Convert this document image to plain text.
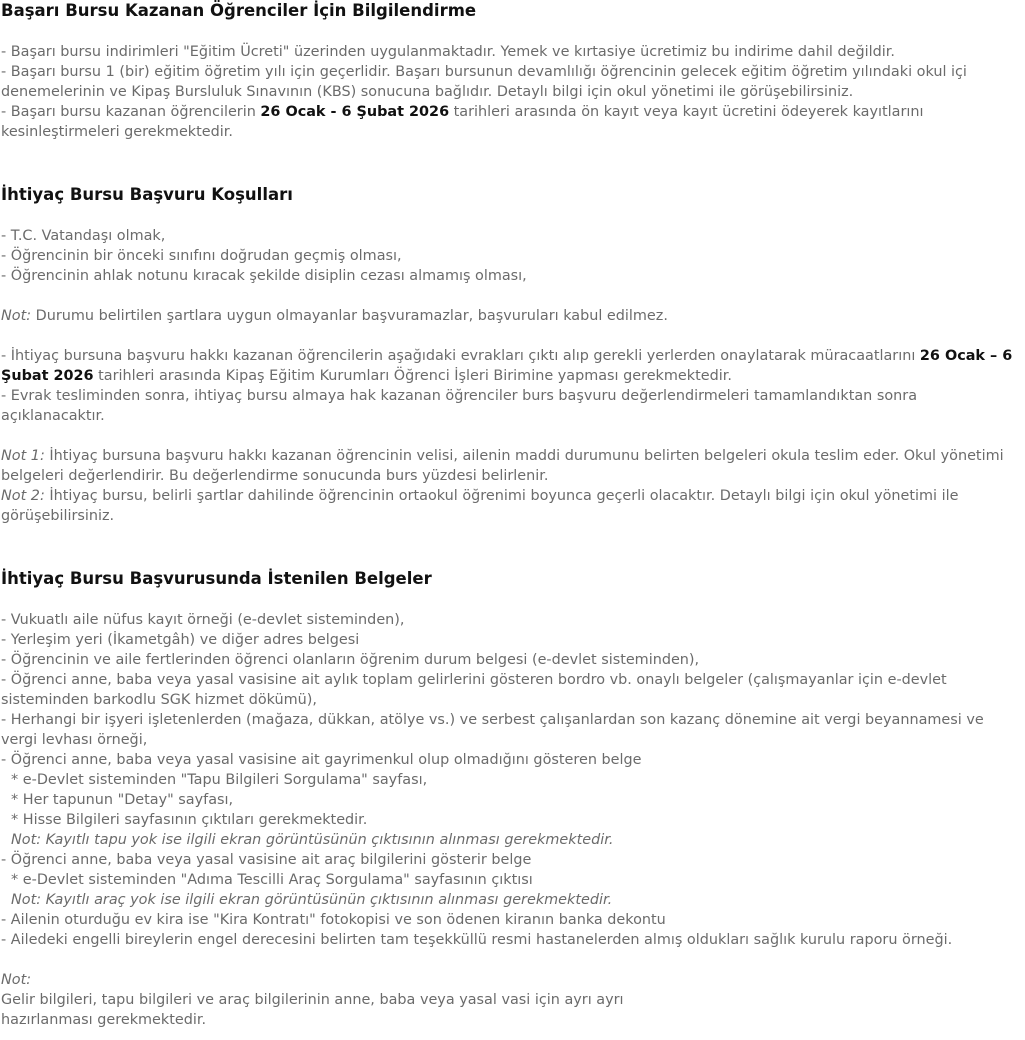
Başarı Bursu Kazanan Öğrenciler İçin Bilgilendirme

- Başarı bursu indirimleri "Eğitim Ücreti" üzerinden uygulanmaktadır. Yemek ve kırtasiye ücretimiz bu indirime dahil değildir.

- Başarı bursu 1 (bir) eğitim öğretim yılı için geçerlidir. Başarı bursunun devamlılığı öğrencinin gelecek eğitim öğretim yılındaki okul içi denemelerinin ve Kipaş Bursluluk Sınavının (KBS) sonucuna bağlıdır. Detaylı bilgi için okul yönetimi ile görüşebilirsiniz.

- Başarı bursu kazanan öğrencilerin 26 Ocak - 6 Şubat 2026 tarihleri arasında ön kayıt veya kayıt ücretini ödeyerek kayıtlarını kesinleştirmeleri gerekmektedir.

İhtiyaç Bursu Başvuru Koşulları

- T.C. Vatandaşı olmak,

- Öğrencinin bir önceki sınıfını doğrudan geçmiş olması,

- Öğrencinin ahlak notunu kıracak şekilde disiplin cezası almamış olması,

Not: Durumu belirtilen şartlara uygun olmayanlar başvuramazlar, başvuruları kabul edilmez.

- İhtiyaç bursuna başvuru hakkı kazanan öğrencilerin aşağıdaki evrakları çıktı alıp gerekli yerlerden onaylatarak müracaatlarını 26 Ocak – 6 Şubat 2026 tarihleri arasında Kipaş Eğitim Kurumları Öğrenci İşleri Birimine yapması gerekmektedir.

- Evrak tesliminden sonra, ihtiyaç bursu almaya hak kazanan öğrenciler burs başvuru değerlendirmeleri tamamlandıktan sonra açıklanacaktır.

Not 1: İhtiyaç bursuna başvuru hakkı kazanan öğrencinin velisi, ailenin maddi durumunu belirten belgeleri okula teslim eder. Okul yönetimi belgeleri değerlendirir. Bu değerlendirme sonucunda burs yüzdesi belirlenir.

Not 2: İhtiyaç bursu, belirli şartlar dahilinde öğrencinin ortaokul öğrenimi boyunca geçerli olacaktır. Detaylı bilgi için okul yönetimi ile görüşebilirsiniz.

İhtiyaç Bursu Başvurusunda İstenilen Belgeler

- Vukuatlı aile nüfus kayıt örneği (e-devlet sisteminden),

- Yerleşim yeri (İkametgâh) ve diğer adres belgesi

- Öğrencinin ve aile fertlerinden öğrenci olanların öğrenim durum belgesi (e-devlet sisteminden),

- Öğrenci anne, baba veya yasal vasisine ait aylık toplam gelirlerini gösteren bordro vb. onaylı belgeler (çalışmayanlar için e-devlet sisteminden barkodlu SGK hizmet dökümü),

- Herhangi bir işyeri işletenlerden (mağaza, dükkan, atölye vs.) ve serbest çalışanlardan son kazanç dönemine ait vergi beyannamesi ve vergi levhası örneği,

- Öğrenci anne, baba veya yasal vasisine ait gayrimenkul olup olmadığını gösteren belge

* e-Devlet sisteminden "Tapu Bilgileri Sorgulama" sayfası,

* Her tapunun "Detay" sayfası,

* Hisse Bilgileri sayfasının çıktıları gerekmektedir.

Not: Kayıtlı tapu yok ise ilgili ekran görüntüsünün çıktısının alınması gerekmektedir.

- Öğrenci anne, baba veya yasal vasisine ait araç bilgilerini gösterir belge

* e-Devlet sisteminden "Adıma Tescilli Araç Sorgulama" sayfasının çıktısı

Not: Kayıtlı araç yok ise ilgili ekran görüntüsünün çıktısının alınması gerekmektedir.

- Ailenin oturduğu ev kira ise "Kira Kontratı" fotokopisi ve son ödenen kiranın banka dekontu

- Ailedeki engelli bireylerin engel derecesini belirten tam teşekküllü resmi hastanelerden almış oldukları sağlık kurulu raporu örneği.

Not:

Gelir bilgileri, tapu bilgileri ve araç bilgilerinin anne, baba veya yasal vasi için ayrı ayrı

hazırlanması gerekmektedir.
